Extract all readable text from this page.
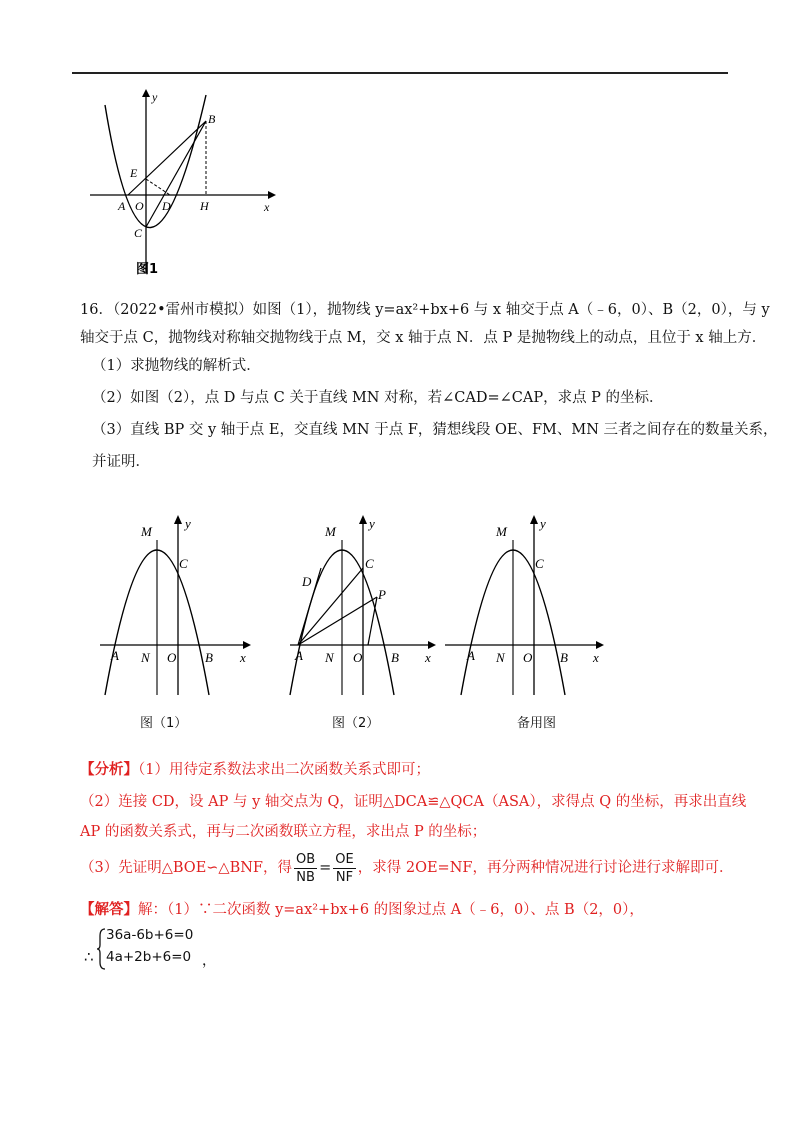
y
x
B
E
A O D H
C
图1
16．（2022•雷州市模拟）如图（1），抛物线 y=ax²+bx+6 与 x 轴交于点 A（﹣6，0）、B（2，0），与 y
轴交于点 C，抛物线对称轴交抛物线于点 M，交 x 轴于点 N．点 P 是抛物线上的动点，且位于 x 轴上方．
（1）求抛物线的解析式．
（2）如图（2），点 D 与点 C 关于直线 MN 对称，若∠CAD=∠CAP，求点 P 的坐标．
（3）直线 BP 交 y 轴于点 E，交直线 MN 于点 F，猜想线段 OE、FM、MN 三者之间存在的数量关系，
并证明．
M
y
C
A N O B x
图（1）
M
y
C
D
P
A N O B x
图（2）
M
y
C
A N O B x
备用图
【分析】（1）用待定系数法求出二次函数关系式即可；
（2）连接 CD，设 AP 与 y 轴交点为 Q，证明△DCA≌△QCA（ASA），求得点 Q 的坐标，再求出直线
AP 的函数关系式，再与二次函数联立方程，求出点 P 的坐标；
（3）先证明△BOE∽△BNF，得 $\frac{OB}{NB} = \frac{OE}{NF}$ ，求得 2OE=NF，再分两种情况进行讨论进行求解即可．
【解答】解：（1）∵二次函数 y=ax²+bx+6 的图象过点 A（﹣6，0）、点 B（2，0），
∴
36a-6b+6=0
4a+2b+6=0 ，
